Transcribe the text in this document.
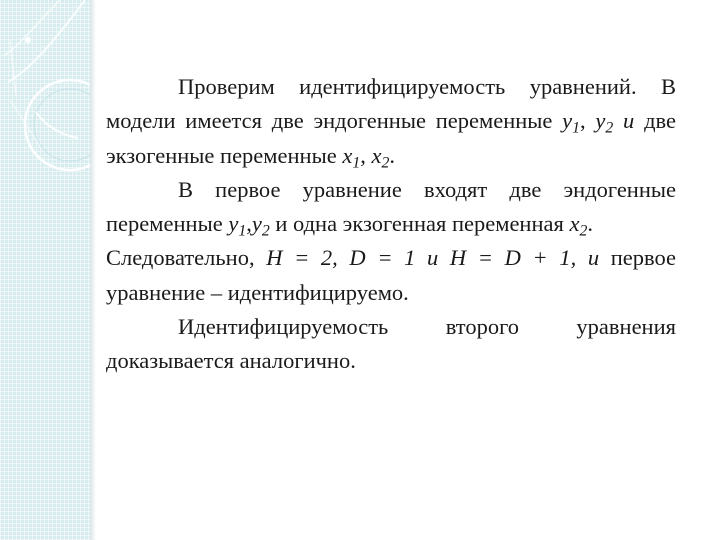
Проверим идентифицируемость уравнений. В модели имеется две эндогенные переменные $y_1$, $y_2$ и две экзогенные переменные $x_1$, $x_2$.

В первое уравнение входят две эндогенные переменные $y_1,y_2$ и одна экзогенная переменная $x_2$.

Следовательно, H = 2, D = 1 и H = D + 1, и первое уравнение – идентифицируемо.

Идентифицируемость второго уравнения доказывается аналогично.
